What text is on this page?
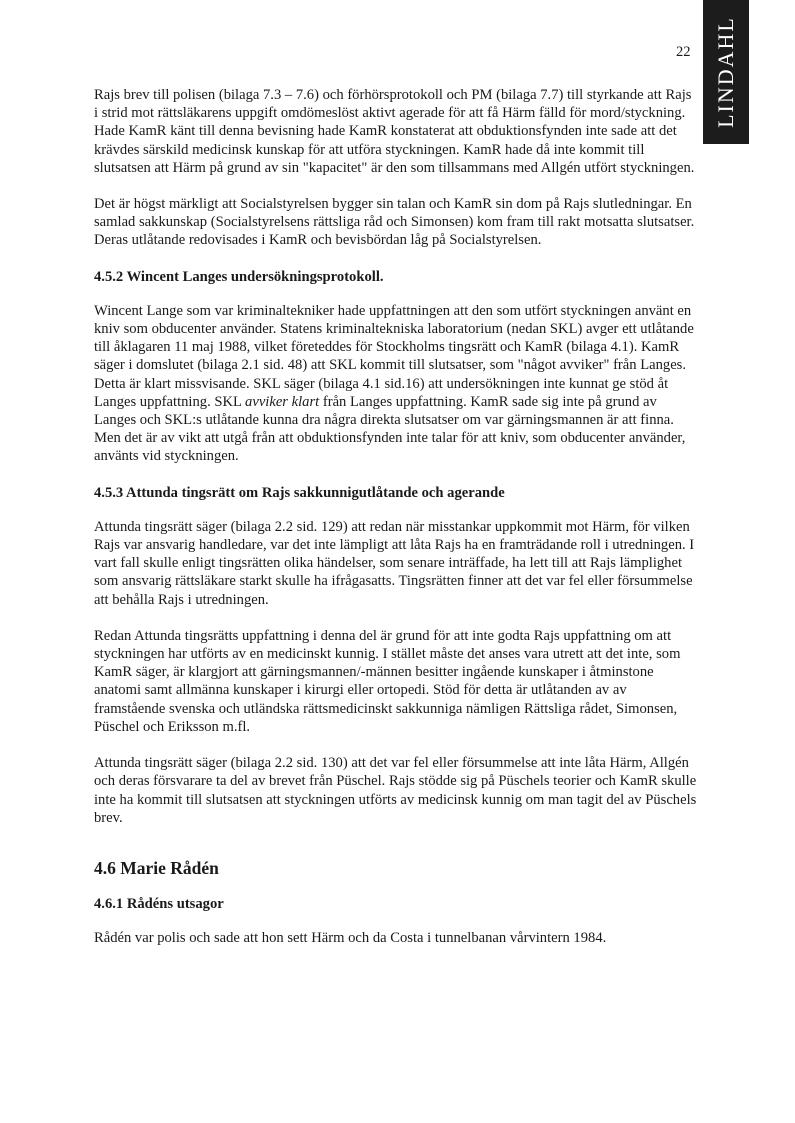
LINDAHL
22

Rajs brev till polisen (bilaga 7.3 – 7.6) och förhörsprotokoll och PM (bilaga 7.7) till styrkande att Rajs i strid mot rättsläkarens uppgift omdömeslöst aktivt agerade för att få Härm fälld för mord/styckning. Hade KamR känt till denna bevisning hade KamR konstaterat att obduktionsfynden inte sade att det krävdes särskild medicinsk kunskap för att utföra styckningen. KamR hade då inte kommit till slutsatsen att Härm på grund av sin "kapacitet" är den som tillsammans med Allgén utfört styckningen.

Det är högst märkligt att Socialstyrelsen bygger sin talan och KamR sin dom på Rajs slutledningar. En samlad sakkunskap (Socialstyrelsens rättsliga råd och Simonsen) kom fram till rakt motsatta slutsatser. Deras utlåtande redovisades i KamR och bevisbördan låg på Socialstyrelsen.

4.5.2 Wincent Langes undersökningsprotokoll.

Wincent Lange som var kriminaltekniker hade uppfattningen att den som utfört styckningen använt en kniv som obducenter använder. Statens kriminaltekniska laboratorium (nedan SKL) avger ett utlåtande till åklagaren 11 maj 1988, vilket företeddes för Stockholms tingsrätt och KamR (bilaga 4.1). KamR säger i domslutet (bilaga 2.1 sid. 48) att SKL kommit till slutsatser, som "något avviker" från Langes. Detta är klart missvisande. SKL säger (bilaga 4.1 sid.16) att undersökningen inte kunnat ge stöd åt Langes uppfattning. SKL avviker klart från Langes uppfattning. KamR sade sig inte på grund av Langes och SKL:s utlåtande kunna dra några direkta slutsatser om var gärningsmannen är att finna. Men det är av vikt att utgå från att obduktionsfynden inte talar för att kniv, som obducenter använder, använts vid styckningen.

4.5.3 Attunda tingsrätt om Rajs sakkunnigutlåtande och agerande

Attunda tingsrätt säger (bilaga 2.2 sid. 129) att redan när misstankar uppkommit mot Härm, för vilken Rajs var ansvarig handledare, var det inte lämpligt att låta Rajs ha en framträdande roll i utredningen. I vart fall skulle enligt tingsrätten olika händelser, som senare inträffade, ha lett till att Rajs lämplighet som ansvarig rättsläkare starkt skulle ha ifrågasatts. Tingsrätten finner att det var fel eller försummelse att behålla Rajs i utredningen.

Redan Attunda tingsrätts uppfattning i denna del är grund för att inte godta Rajs uppfattning om att styckningen har utförts av en medicinskt kunnig. I stället måste det anses vara utrett att det inte, som KamR säger, är klargjort att gärningsmannen/-männen besitter ingående kunskaper i åtminstone anatomi samt allmänna kunskaper i kirurgi eller ortopedi. Stöd för detta är utlåtanden av av framstående svenska och utländska rättsmedicinskt sakkunniga nämligen Rättsliga rådet, Simonsen, Püschel och Eriksson m.fl.

Attunda tingsrätt säger (bilaga 2.2 sid. 130) att det var fel eller försummelse att inte låta Härm, Allgén och deras försvarare ta del av brevet från Püschel. Rajs stödde sig på Püschels teorier och KamR skulle inte ha kommit till slutsatsen att styckningen utförts av medicinsk kunnig om man tagit del av Püschels brev.

4.6 Marie Rådén

4.6.1 Rådéns utsagor

Rådén var polis och sade att hon sett Härm och da Costa i tunnelbanan vårvintern 1984.
